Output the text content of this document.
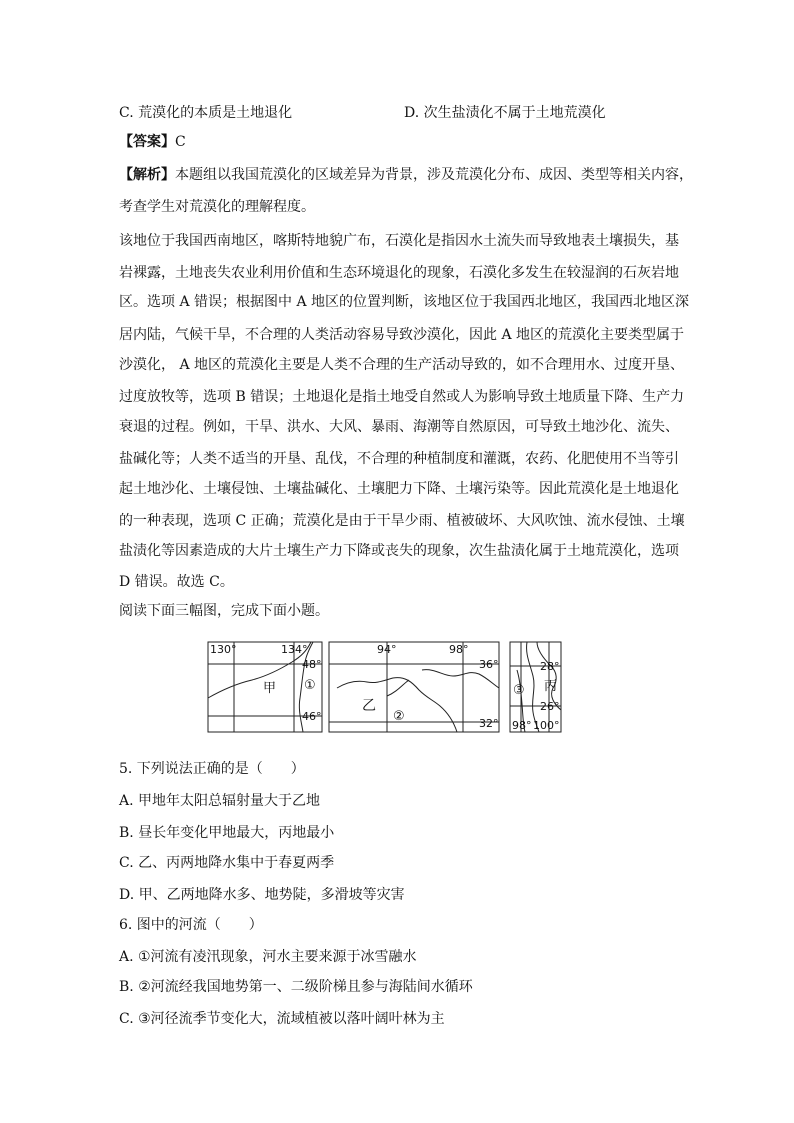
C. 荒漠化的本质是土地退化	D. 次生盐渍化不属于土地荒漠化
【答案】C
【解析】本题组以我国荒漠化的区域差异为背景，涉及荒漠化分布、成因、类型等相关内容，
考查学生对荒漠化的理解程度。
该地位于我国西南地区，喀斯特地貌广布，石漠化是指因水土流失而导致地表土壤损失，基
岩裸露，土地丧失农业利用价值和生态环境退化的现象，石漠化多发生在较湿润的石灰岩地
区。选项 A 错误；根据图中 A 地区的位置判断，该地区位于我国西北地区，我国西北地区深
居内陆，气候干旱，不合理的人类活动容易导致沙漠化，因此 A 地区的荒漠化主要类型属于
沙漠化， A 地区的荒漠化主要是人类不合理的生产活动导致的，如不合理用水、过度开垦、
过度放牧等，选项 B 错误；土地退化是指土地受自然或人为影响导致土地质量下降、生产力
衰退的过程。例如，干旱、洪水、大风、暴雨、海潮等自然原因，可导致土地沙化、流失、
盐碱化等；人类不适当的开垦、乱伐，不合理的种植制度和灌溉，农药、化肥使用不当等引
起土地沙化、土壤侵蚀、土壤盐碱化、土壤肥力下降、土壤污染等。因此荒漠化是土地退化
的一种表现，选项 C 正确；荒漠化是由于干旱少雨、植被破坏、大风吹蚀、流水侵蚀、土壤
盐渍化等因素造成的大片土壤生产力下降或丧失的现象，次生盐渍化属于土地荒漠化，选项
D 错误。故选 C。
阅读下面三幅图，完成下面小题。
130°	134°
48°
46°
甲 ①
94°	98°
36°
32°
乙
②
28°
26°
98° 100°
丙
③
5. 下列说法正确的是（　　）
A. 甲地年太阳总辐射量大于乙地
B. 昼长年变化甲地最大，丙地最小
C. 乙、丙两地降水集中于春夏两季
D. 甲、乙两地降水多、地势陡，多滑坡等灾害
6. 图中的河流（　　）
A. ①河流有凌汛现象，河水主要来源于冰雪融水
B. ②河流经我国地势第一、二级阶梯且参与海陆间水循环
C. ③河径流季节变化大，流域植被以落叶阔叶林为主
